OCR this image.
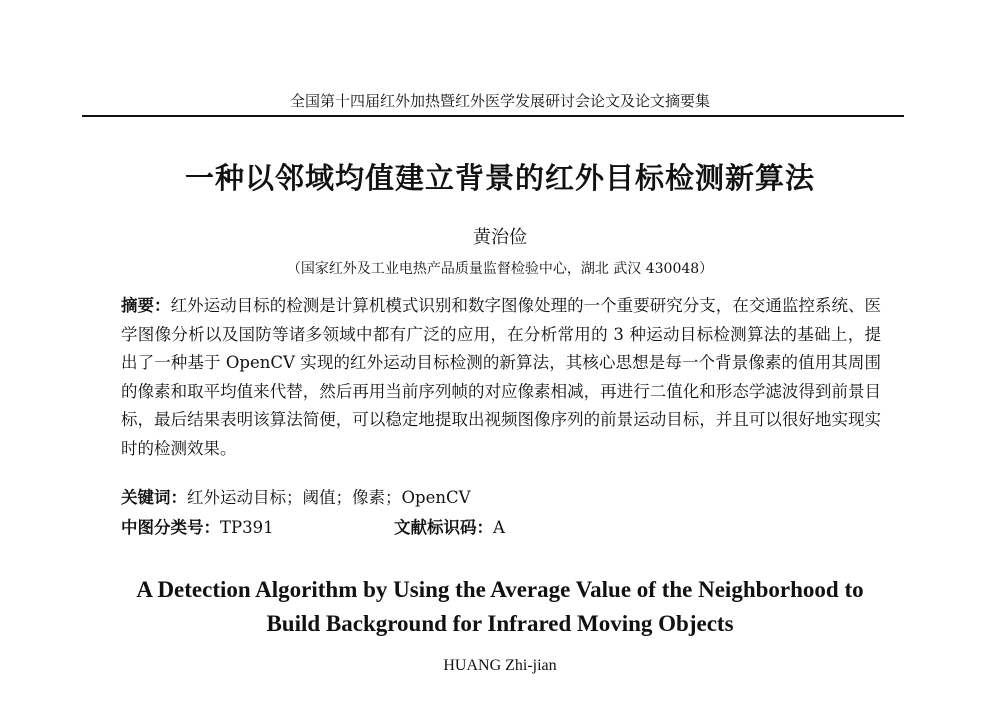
全国第十四届红外加热暨红外医学发展研讨会论文及论文摘要集
一种以邻域均值建立背景的红外目标检测新算法
黄治俭
（国家红外及工业电热产品质量监督检验中心，湖北 武汉 430048）
摘要：红外运动目标的检测是计算机模式识别和数字图像处理的一个重要研究分支，在交通监控系统、医学图像分析以及国防等诸多领域中都有广泛的应用，在分析常用的 3 种运动目标检测算法的基础上，提出了一种基于 OpenCV 实现的红外运动目标检测的新算法，其核心思想是每一个背景像素的值用其周围的像素和取平均值来代替，然后再用当前序列帧的对应像素相减，再进行二值化和形态学滤波得到前景目标，最后结果表明该算法简便，可以稳定地提取出视频图像序列的前景运动目标，并且可以很好地实现实时的检测效果。
关键词：红外运动目标；阈值；像素；OpenCV
中图分类号：TP391	文献标识码：A
A Detection Algorithm by Using the Average Value of the Neighborhood to
Build Background for Infrared Moving Objects
HUANG Zhi-jian
